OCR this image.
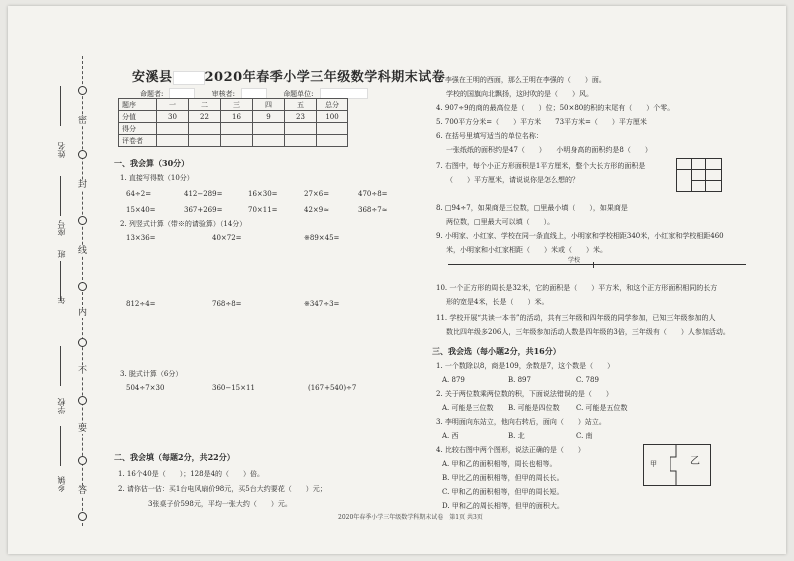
密
封
线
内
不
要
答
姓名
座号
班
年
学校
乡镇
安溪县 2020年春季小学三年级数学科期末试卷
命题者:	审核者:	命题单位:
题序	一	二	三	四	五	总分
分值	30	22	16	9	23	100
得分						
评卷者						
一、我会算（30分）
1. 直接写得数（10分）
64÷2=	412−289=	16×30=	27×6=	470÷8=
15×40=	367+269=	70×11=	42×9≈	368÷7≈
2. 列竖式计算（带※的请验算）（14分）
13×36=	40×72=	※89×45=
812÷4=	768÷8=	※347÷3=
3. 脱式计算（6分）
504÷7×30	360−15×11	(167+540)÷7
二、我会填（每题2分，共22分）
1. 16个40是（　　）；128是4的（　　）倍。
2. 请你估一估：买1台电风扇价98元，买5台大约要花（　　）元；
3张桌子价598元，平均一张大约（　　）元。
3. 李强在王明的西面，那么王明在李强的（　　）面。
学校的国旗向北飘扬，这时吹的是（　　）风。
4. 907÷9的商的最高位是（　　）位；50×80的积的末尾有（　　）个零。
5. 700平方分米=（　　）平方米　　73平方米=（　　）平方厘米
6. 在括号里填写适当的单位名称：
一张纸纸的面积约是47（　　）　　小明身高的面积约是8（　　）
7. 右图中，每个小正方形面积是1平方厘米，整个大长方形的面积是
（　　）平方厘米，请说说你是怎么想的？
8. □94÷7，如果商是三位数，□里最小填（　　），如果商是
两位数，□里最大可以填（　　）。
9. 小明家、小红家、学校在同一条直线上，小明家和学校相距340米，小红家和学校相距460
米，小明家和小红家相距（　　）米或（　　）米。
学校
10. 一个正方形的周长是32米，它的面积是（　　）平方米，和这个正方形面积相同的长方
形的宽是4米，长是（　　）米。
11. 学校开展“共读一本书”的活动，共有三年级和四年级的同学参加，已知三年级参加的人
数比四年级多206人，三年级参加活动人数是四年级的3倍，三年级有（　　）人参加活动。
三、我会选（每小题2分，共16分）
1. 一个数除以8，商是109，余数是7，这个数是（　　）
A. 879	B. 897	C. 789
2. 关于两位数乘两位数的积，下面说法错误的是（　　）
A. 可能是三位数 B. 可能是四位数 C. 可能是五位数
3. 李明面向东站立，他向右转后，面向（　　）站立。
A. 西	B. 北	C. 南
4. 比较右图中两个图形，说法正确的是（　　）
A. 甲和乙的面积相等，周长也相等。
B. 甲比乙的面积相等，但甲的周长长。
C. 甲和乙的面积相等，但甲的周长短。
D. 甲和乙的周长相等，但甲的面积大。
甲	乙
2020年春季小学三年级数学科期末试卷　第1页 共3页
